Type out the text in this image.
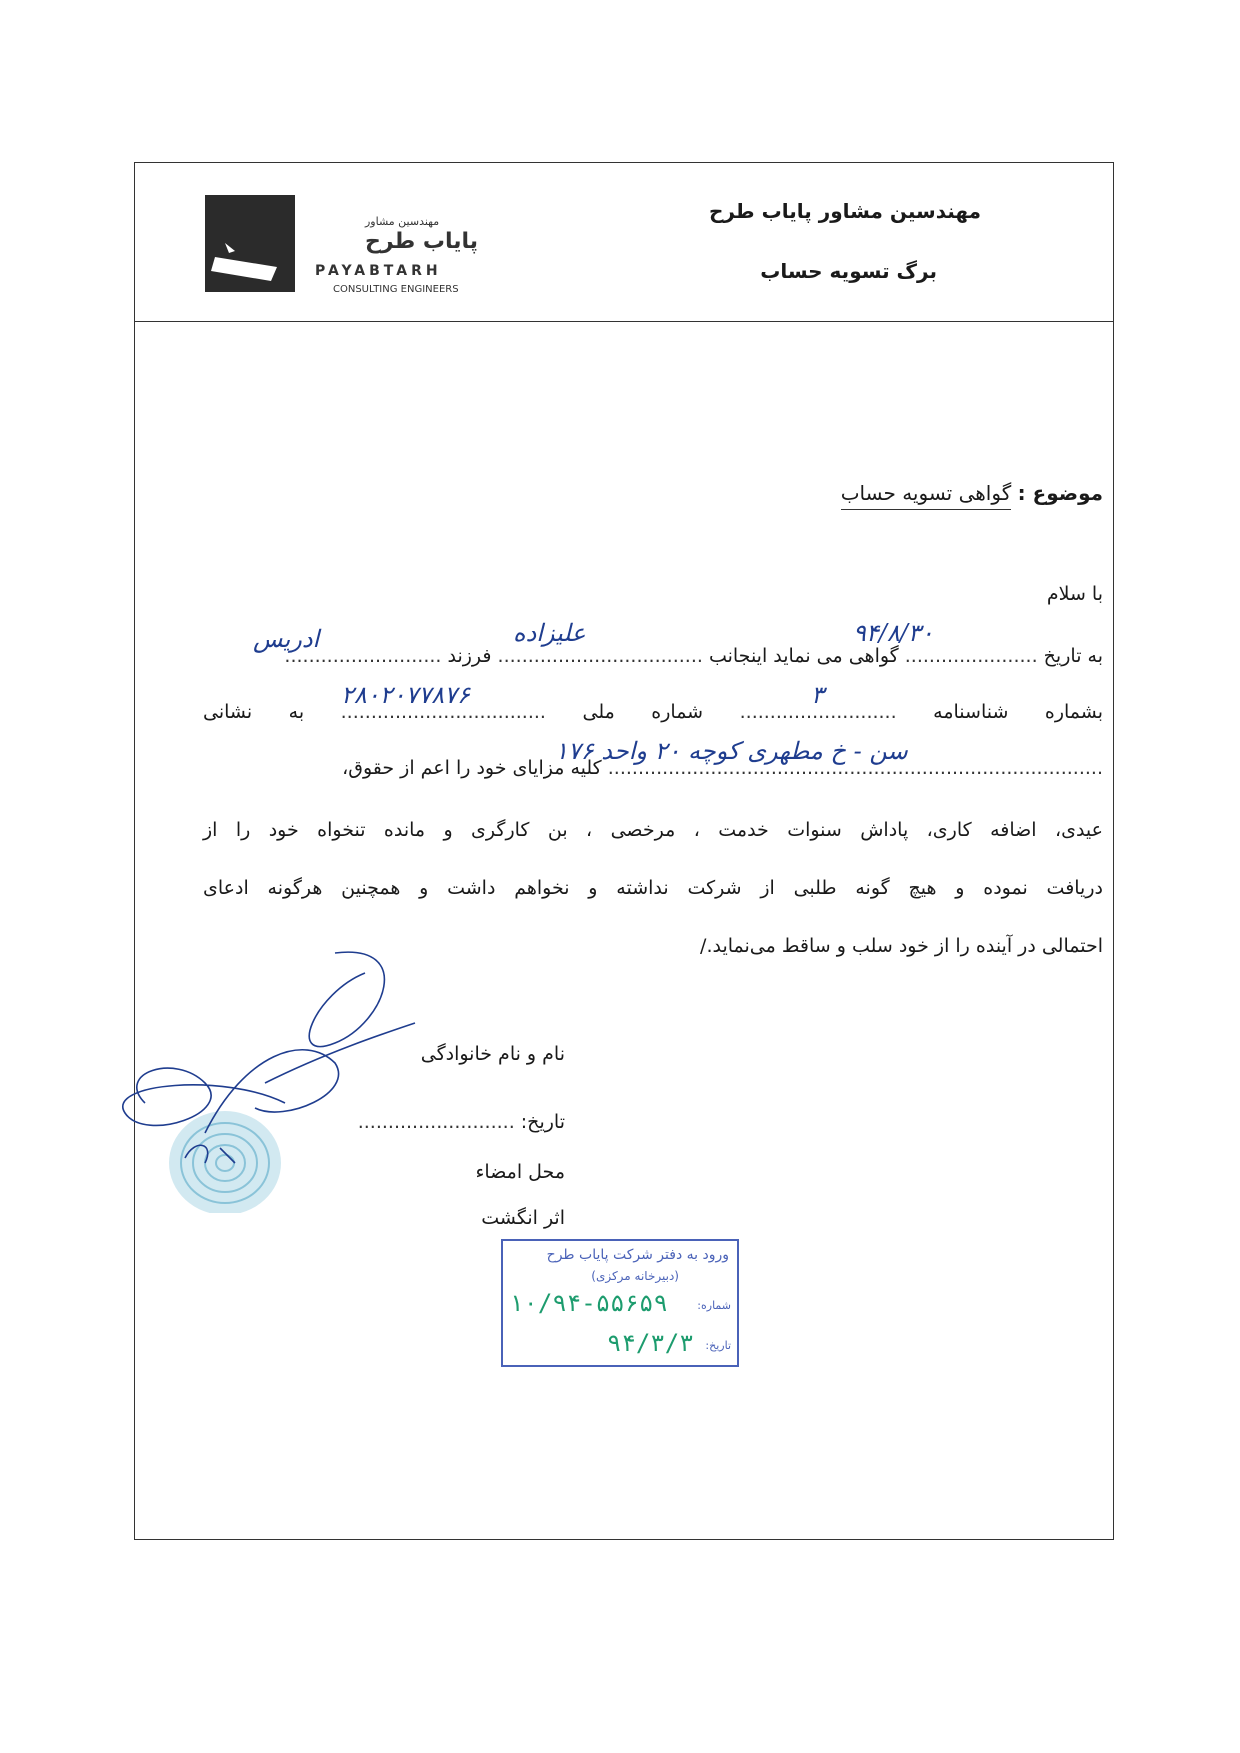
مهندسین مشاور
پایاب طرح
PAYABTARH
CONSULTING ENGINEERS
مهندسین مشاور پایاب طرح
برگ تسویه حساب
موضوع : گواهی تسویه حساب
با سلام
به تاریخ ...................... گواهی می نماید اینجانب .................................. فرزند ..........................
بشماره شناسنامه .......................... شماره ملی .................................. به نشانی
.................................................................................. کلیه مزایای خود را اعم از حقوق،
عیدی، اضافه کاری، پاداش سنوات خدمت ، مرخصی ، بن کارگری و مانده تنخواه خود را از
دریافت نموده و هیچ گونه طلبی از شرکت نداشته و نخواهم داشت و همچنین هرگونه ادعای
احتمالی در آینده را از خود سلب و ساقط می‌نماید./
۹۴/۸/۳۰
علیزاده
ادریس
۳
۲۸۰۲۰۷۷۸۷۶
سن - خ مطهری کوچه ۲۰ واحد ۱۷۶
نام و نام خانوادگی
تاریخ: ..........................
محل امضاء
اثر انگشت
ورود به دفتر شرکت پایاب طرح
(دبیرخانه مرکزی)
شماره:
۱۰/۹۴-۵۵۶۵۹
تاریخ:
۹۴/۳/۳
